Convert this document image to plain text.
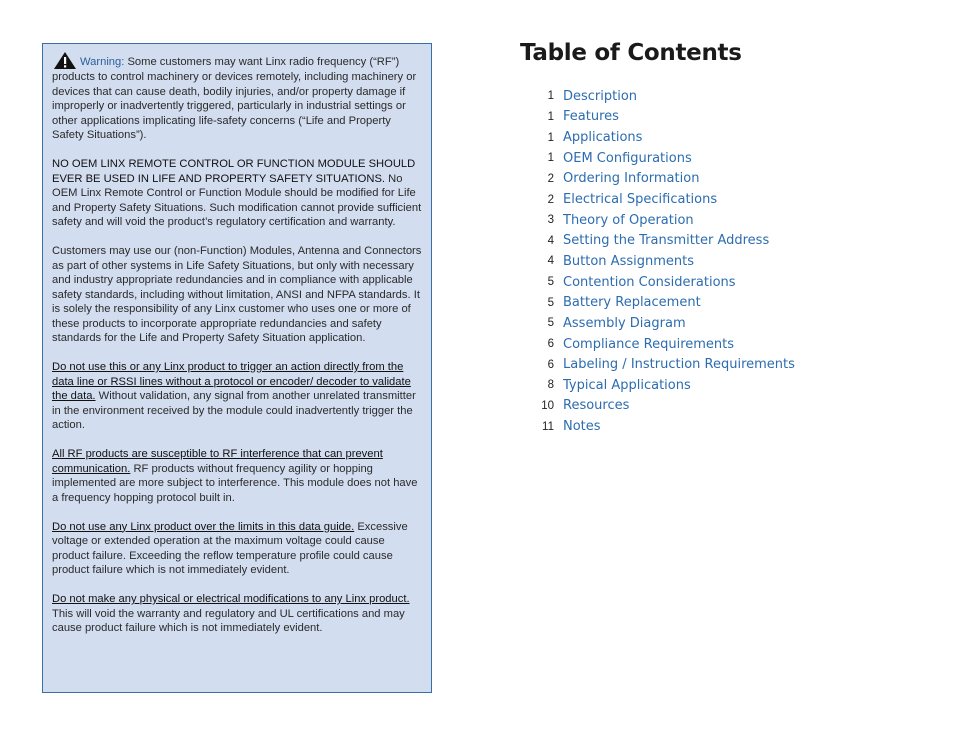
Warning: Some customers may want Linx radio frequency (“RF”) products to control machinery or devices remotely, including machinery or devices that can cause death, bodily injuries, and/or property damage if improperly or inadvertently triggered, particularly in industrial settings or other applications implicating life-safety concerns (“Life and Property Safety Situations”).

NO OEM LINX REMOTE CONTROL OR FUNCTION MODULE SHOULD EVER BE USED IN LIFE AND PROPERTY SAFETY SITUATIONS. No OEM Linx Remote Control or Function Module should be modified for Life and Property Safety Situations. Such modification cannot provide sufficient safety and will void the product’s regulatory certification and warranty.

Customers may use our (non-Function) Modules, Antenna and Connectors as part of other systems in Life Safety Situations, but only with necessary and industry appropriate redundancies and in compliance with applicable safety standards, including without limitation, ANSI and NFPA standards. It is solely the responsibility of any Linx customer who uses one or more of these products to incorporate appropriate redundancies and safety standards for the Life and Property Safety Situation application.

Do not use this or any Linx product to trigger an action directly from the data line or RSSI lines without a protocol or encoder/ decoder to validate the data. Without validation, any signal from another unrelated transmitter in the environment received by the module could inadvertently trigger the action.

All RF products are susceptible to RF interference that can prevent communication. RF products without frequency agility or hopping implemented are more subject to interference. This module does not have a frequency hopping protocol built in.

Do not use any Linx product over the limits in this data guide. Excessive voltage or extended operation at the maximum voltage could cause product failure. Exceeding the reflow temperature profile could cause product failure which is not immediately evident.

Do not make any physical or electrical modifications to any Linx product. This will void the warranty and regulatory and UL certifications and may cause product failure which is not immediately evident.

Table of Contents
1 Description
1 Features
1 Applications
1 OEM Configurations
2 Ordering Information
2 Electrical Specifications
3 Theory of Operation
4 Setting the Transmitter Address
4 Button Assignments
5 Contention Considerations
5 Battery Replacement
5 Assembly Diagram
6 Compliance Requirements
6 Labeling / Instruction Requirements
8 Typical Applications
10 Resources
11 Notes
